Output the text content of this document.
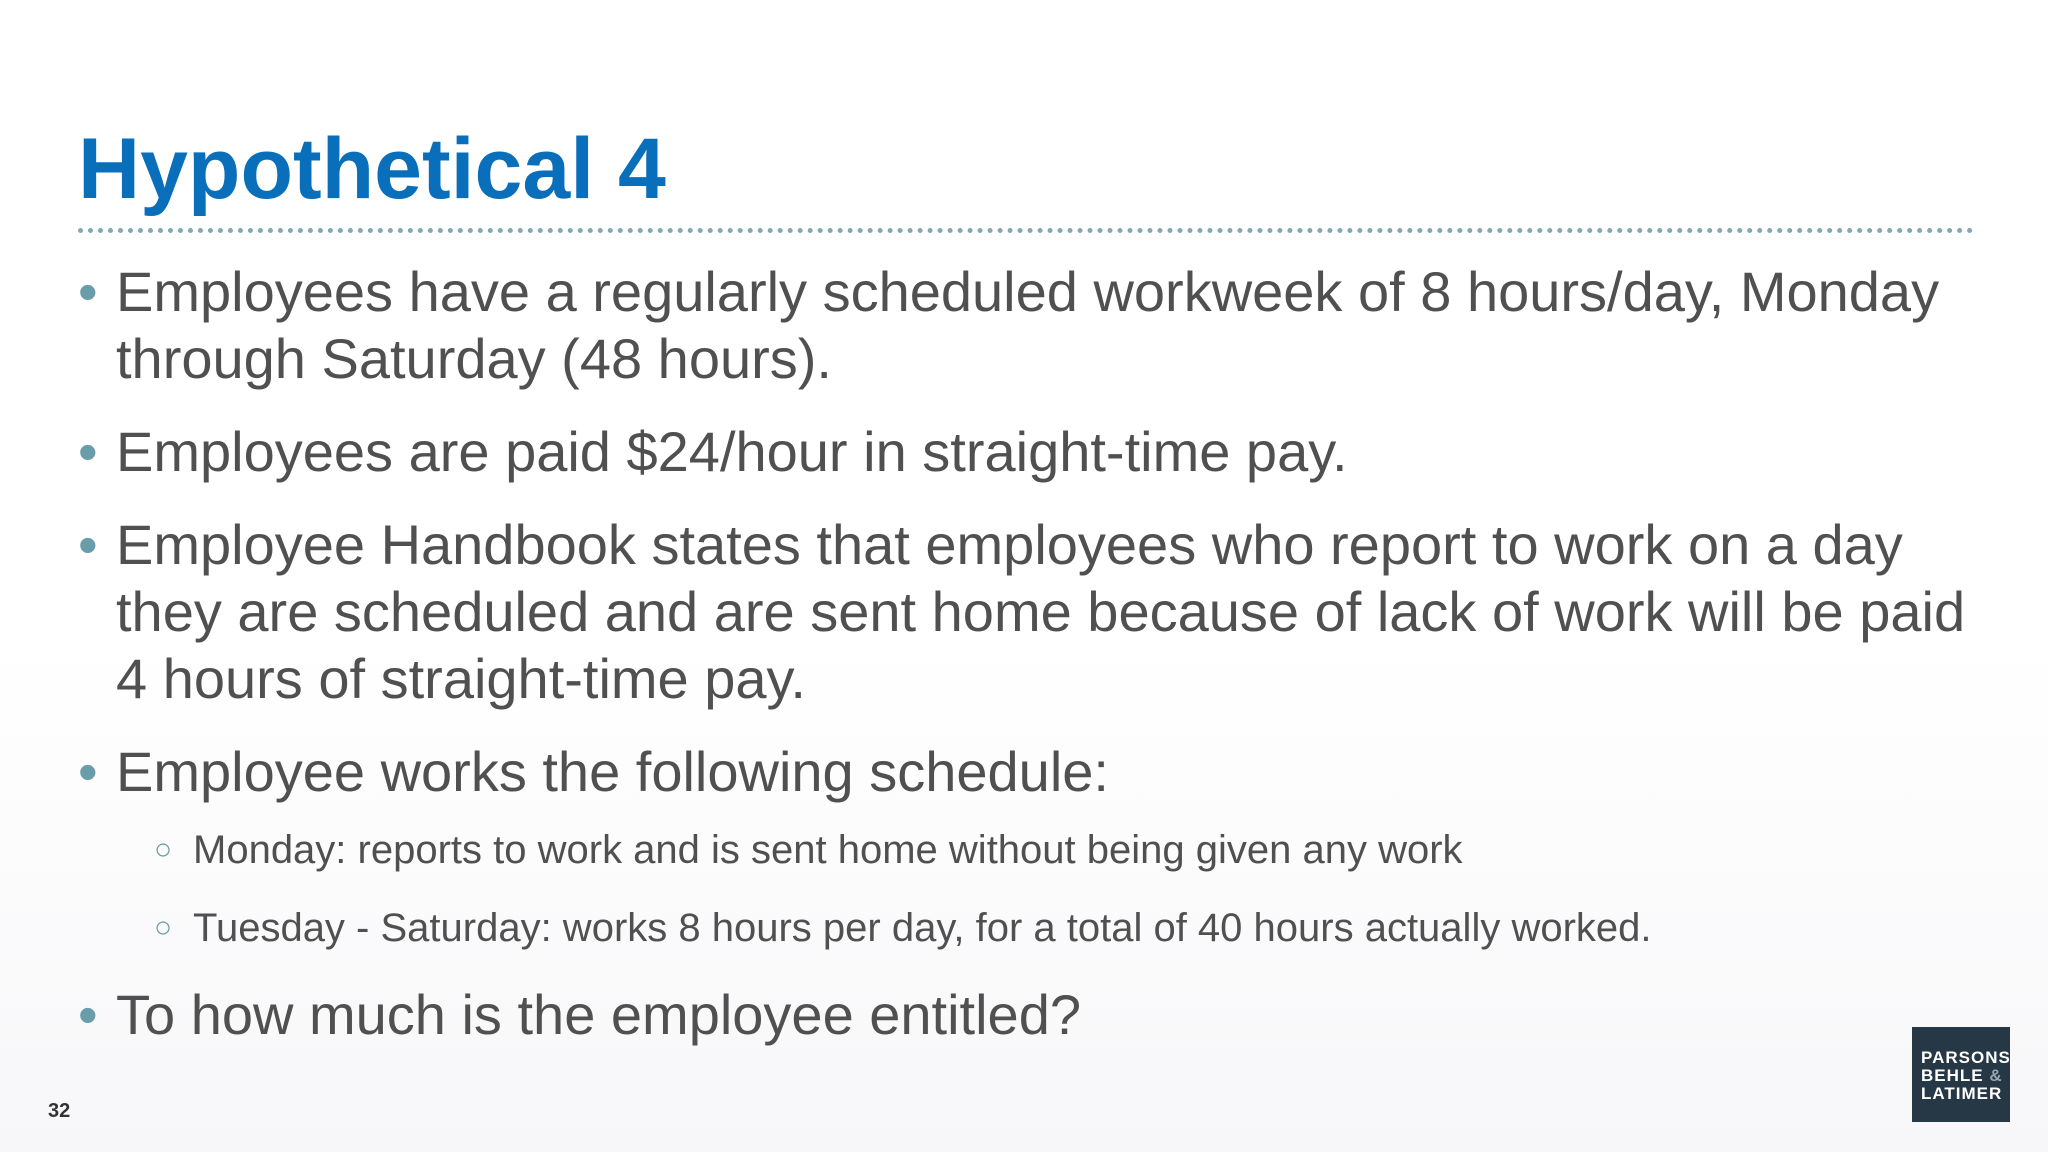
Hypothetical 4
• Employees have a regularly scheduled workweek of 8 hours/day, Monday through Saturday (48 hours).
• Employees are paid $24/hour in straight-time pay.
• Employee Handbook states that employees who report to work on a day they are scheduled and are sent home because of lack of work will be paid 4 hours of straight-time pay.
• Employee works the following schedule:
○ Monday: reports to work and is sent home without being given any work
○ Tuesday - Saturday: works 8 hours per day, for a total of 40 hours actually worked.
• To how much is the employee entitled?
32
PARSONS
BEHLE &
LATIMER
